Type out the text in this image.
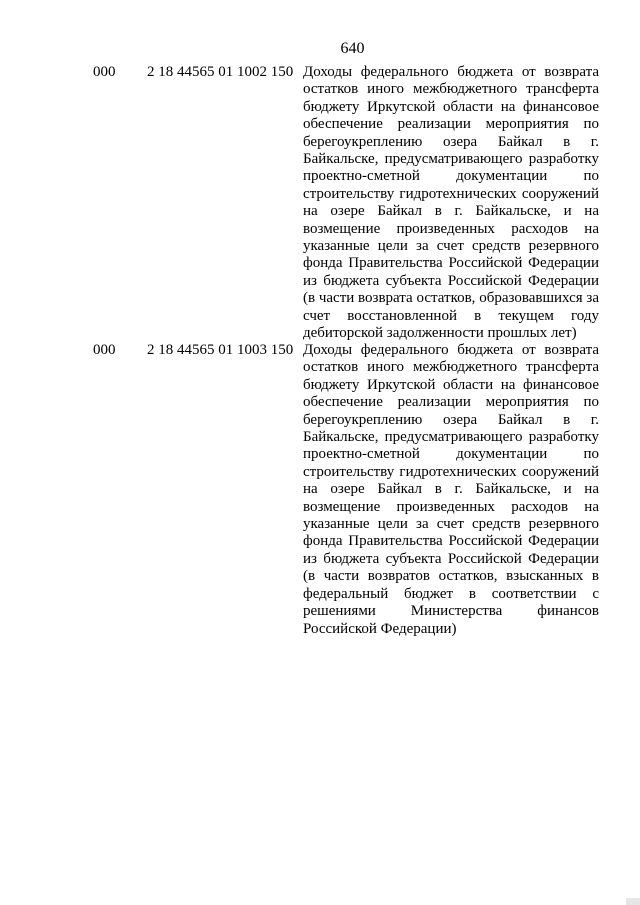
640
000 2 18 44565 01 1002 150 Доходы федерального бюджета от возврата остатков иного межбюджетного трансферта бюджету Иркутской области на финансовое обеспечение реализации мероприятия по берегоукреплению озера Байкал в г. Байкальске, предусматривающего разработку проектно-сметной документации по строительству гидротехнических сооружений на озере Байкал в г. Байкальске, и на возмещение произведенных расходов на указанные цели за счет средств резервного фонда Правительства Российской Федерации из бюджета субъекта Российской Федерации (в части возврата остатков, образовавшихся за счет восстановленной в текущем году дебиторской задолженности прошлых лет)
000 2 18 44565 01 1003 150 Доходы федерального бюджета от возврата остатков иного межбюджетного трансферта бюджету Иркутской области на финансовое обеспечение реализации мероприятия по берегоукреплению озера Байкал в г. Байкальске, предусматривающего разработку проектно-сметной документации по строительству гидротехнических сооружений на озере Байкал в г. Байкальске, и на возмещение произведенных расходов на указанные цели за счет средств резервного фонда Правительства Российской Федерации из бюджета субъекта Российской Федерации (в части возвратов остатков, взысканных в федеральный бюджет в соответствии с решениями Министерства финансов Российской Федерации)
